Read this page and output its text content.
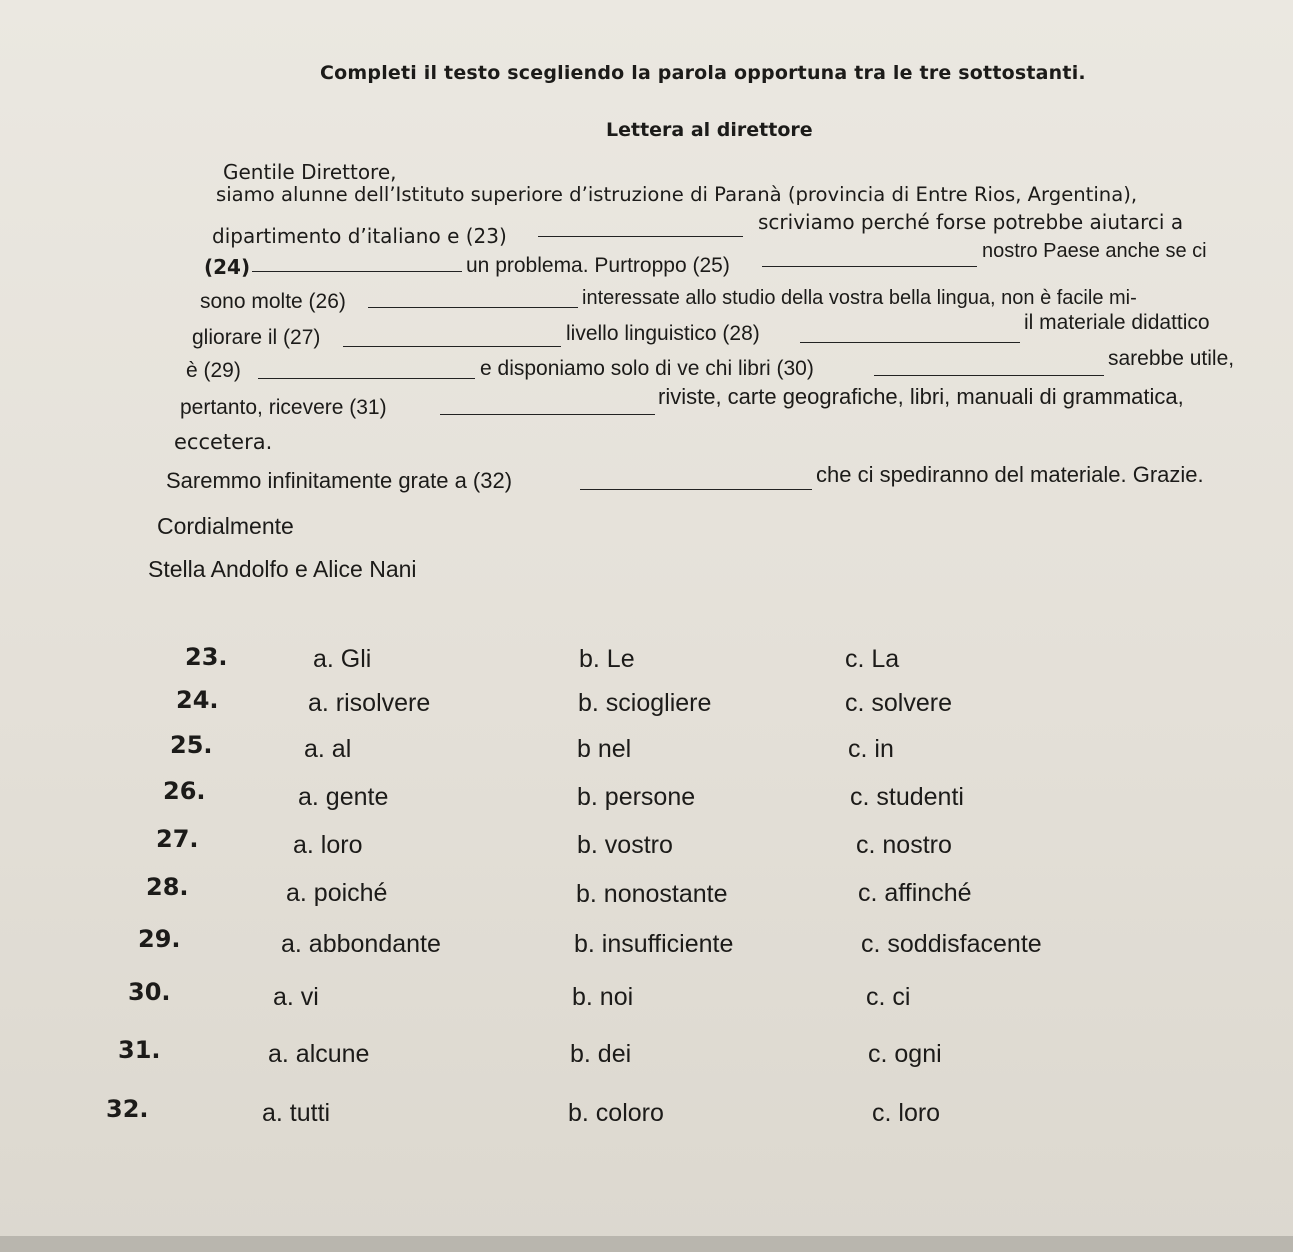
Completi il testo scegliendo la parola opportuna tra le tre sottostanti.
Lettera al direttore
Gentile Direttore,
siamo alunne dell’Istituto superiore d’istruzione di Paranà (provincia di Entre Rios, Argentina),
dipartimento d’italiano e (23)
scriviamo perché forse potrebbe aiutarci a
(24)	un problema. Purtroppo (25)
nostro Paese anche se ci
sono molte (26)	interessate allo studio della vostra bella lingua, non è facile mi-
gliorare il (27)	livello linguistico (28)	il materiale didattico
è (29)	e disponiamo solo di ve chi libri (30)	sarebbe utile,
pertanto, ricevere (31)	riviste, carte geografiche, libri, manuali di grammatica,
eccetera.
Saremmo infinitamente grate a (32)	che ci spediranno del materiale. Grazie.
Cordialmente
Stella Andolfo e Alice Nani
23.	a. Gli	b. Le	c. La
24.	a. risolvere	b. sciogliere	c. solvere
25.	a. al	b nel	c. in
26.	a. gente	b. persone	c. studenti
27.	a. loro	b. vostro	c. nostro
28.	a. poiché	b. nonostante	c. affinché
29.	a. abbondante	b. insufficiente	c. soddisfacente
30.	a. vi	b. noi	c. ci
31.	a. alcune	b. dei	c. ogni
32.	a. tutti	b. coloro	c. loro
